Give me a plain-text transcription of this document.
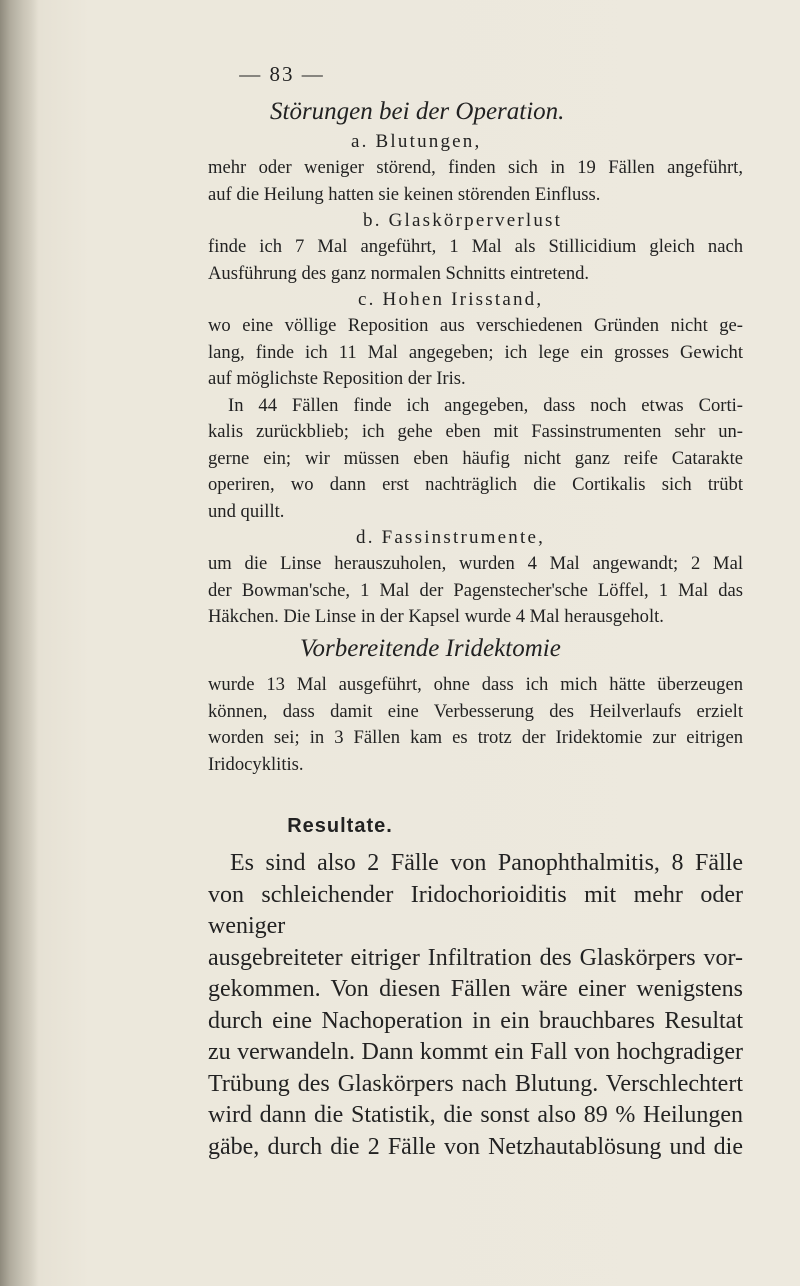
— 83 —
Störungen bei der Operation.
a. Blutungen,
mehr oder weniger störend, finden sich in 19 Fällen angeführt,
auf die Heilung hatten sie keinen störenden Einfluss.
b. Glaskörperverlust
finde ich 7 Mal angeführt, 1 Mal als Stillicidium gleich nach
Ausführung des ganz normalen Schnitts eintretend.
c. Hohen Irisstand,
wo eine völlige Reposition aus verschiedenen Gründen nicht ge-
lang, finde ich 11 Mal angegeben; ich lege ein grosses Gewicht
auf möglichste Reposition der Iris.
In 44 Fällen finde ich angegeben, dass noch etwas Corti-
kalis zurückblieb; ich gehe eben mit Fassinstrumenten sehr un-
gerne ein; wir müssen eben häufig nicht ganz reife Catarakte
operiren, wo dann erst nachträglich die Cortikalis sich trübt
und quillt.
d. Fassinstrumente,
um die Linse herauszuholen, wurden 4 Mal angewandt; 2 Mal
der Bowman'sche, 1 Mal der Pagenstecher'sche Löffel, 1 Mal das
Häkchen. Die Linse in der Kapsel wurde 4 Mal herausgeholt.
Vorbereitende Iridektomie
wurde 13 Mal ausgeführt, ohne dass ich mich hätte überzeugen
können, dass damit eine Verbesserung des Heilverlaufs erzielt
worden sei; in 3 Fällen kam es trotz der Iridektomie zur eitrigen
Iridocyklitis.
Resultate.
Es sind also 2 Fälle von Panophthalmitis, 8 Fälle
von schleichender Iridochorioiditis mit mehr oder weniger
ausgebreiteter eitriger Infiltration des Glaskörpers vor-
gekommen. Von diesen Fällen wäre einer wenigstens
durch eine Nachoperation in ein brauchbares Resultat
zu verwandeln. Dann kommt ein Fall von hochgradiger
Trübung des Glaskörpers nach Blutung. Verschlechtert
wird dann die Statistik, die sonst also 89 % Heilungen
gäbe, durch die 2 Fälle von Netzhautablösung und die
